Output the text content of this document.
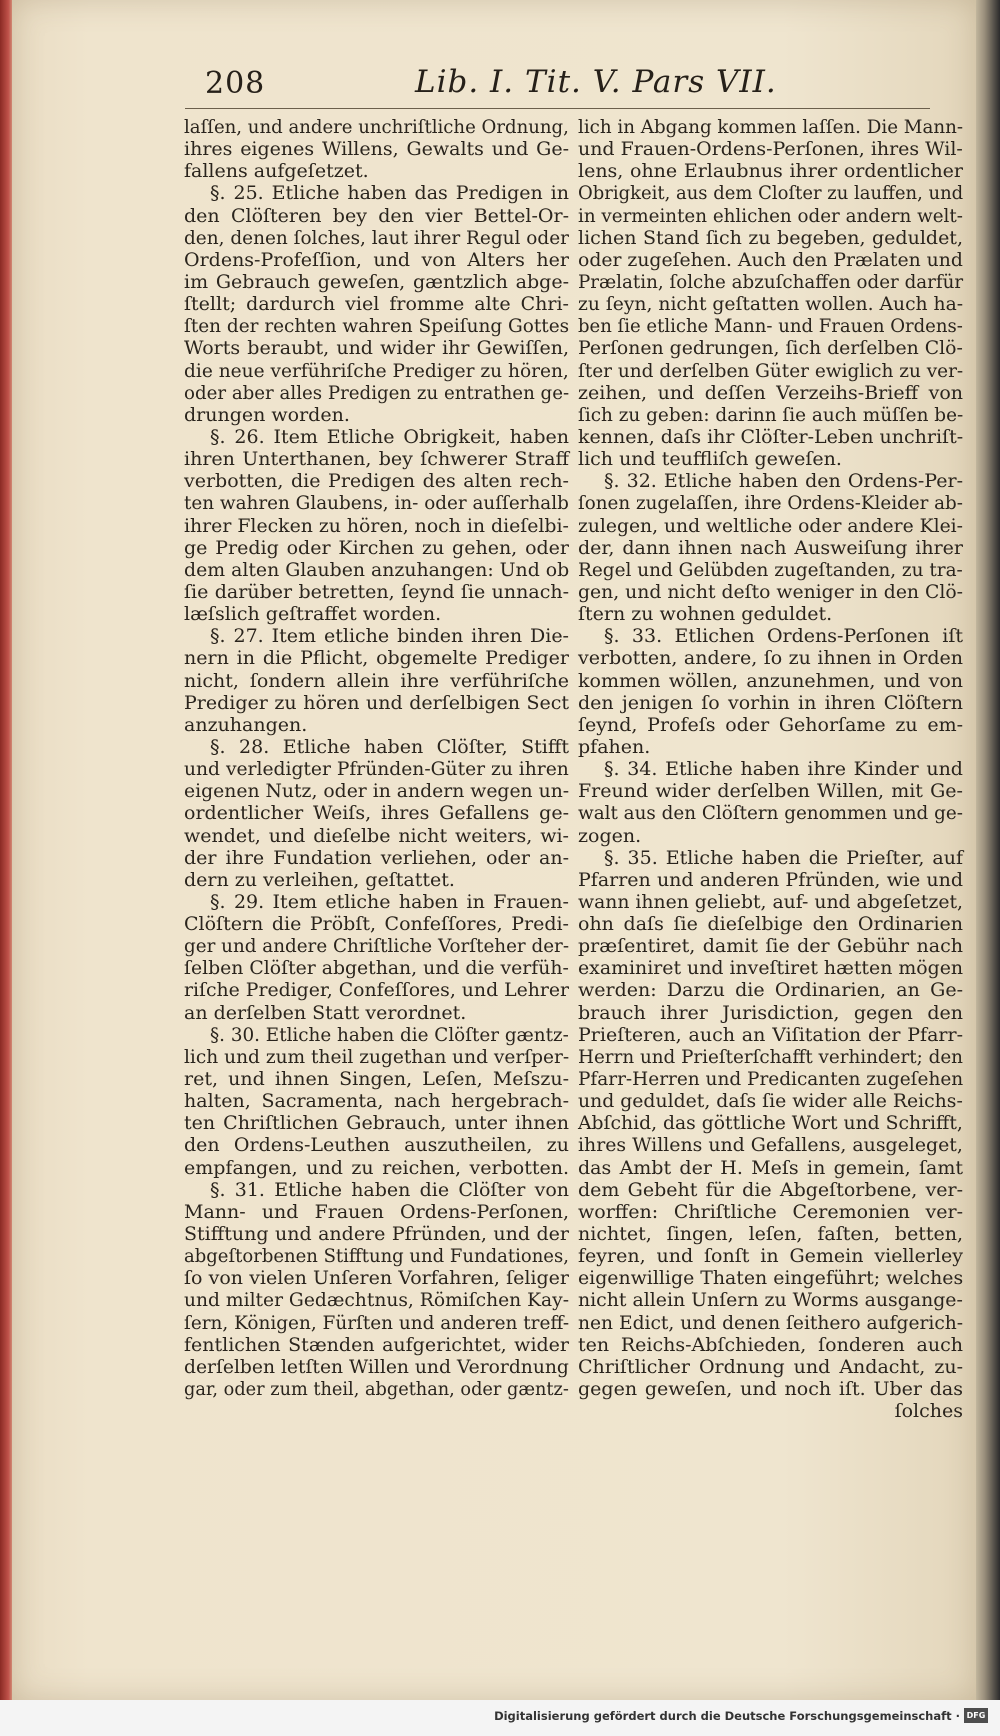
208	Lib. I. Tit. V. Pars VII.
laſſen, und andere unchriſtliche Ordnung,
ihres eigenes Willens, Gewalts und Ge-
fallens aufgeſetzet.
§. 25. Etliche haben das Predigen in
den Clöſteren bey den vier Bettel-Or-
den, denen ſolches, laut ihrer Regul oder
Ordens-Profeſſion, und von Alters her
im Gebrauch geweſen, gæntzlich abge-
ſtellt; dardurch viel fromme alte Chri-
ſten der rechten wahren Speiſung Gottes
Worts beraubt, und wider ihr Gewiſſen,
die neue verführiſche Prediger zu hören,
oder aber alles Predigen zu entrathen ge-
drungen worden.
§. 26. Item Etliche Obrigkeit, haben
ihren Unterthanen, bey ſchwerer Straff
verbotten, die Predigen des alten rech-
ten wahren Glaubens, in- oder auſſerhalb
ihrer Flecken zu hören, noch in dieſelbi-
ge Predig oder Kirchen zu gehen, oder
dem alten Glauben anzuhangen: Und ob
ſie darüber betretten, ſeynd ſie unnach-
læſslich geſtraffet worden.
§. 27. Item etliche binden ihren Die-
nern in die Pflicht, obgemelte Prediger
nicht, ſondern allein ihre verführiſche
Prediger zu hören und derſelbigen Sect
anzuhangen.
§. 28. Etliche haben Clöſter, Stifft
und verledigter Pfründen-Güter zu ihren
eigenen Nutz, oder in andern wegen un-
ordentlicher Weiſs, ihres Gefallens ge-
wendet, und dieſelbe nicht weiters, wi-
der ihre Fundation verliehen, oder an-
dern zu verleihen, geſtattet.
§. 29. Item etliche haben in Frauen-
Clöſtern die Pröbſt, Confeſſores, Predi-
ger und andere Chriſtliche Vorſteher der-
ſelben Clöſter abgethan, und die verfüh-
riſche Prediger, Confeſſores, und Lehrer
an derſelben Statt verordnet.
§. 30. Etliche haben die Clöſter gæntz-
lich und zum theil zugethan und verſper-
ret, und ihnen Singen, Leſen, Meſszu-
halten, Sacramenta, nach hergebrach-
ten Chriſtlichen Gebrauch, unter ihnen
den Ordens-Leuthen auszutheilen, zu
empfangen, und zu reichen, verbotten.
§. 31. Etliche haben die Clöſter von
Mann- und Frauen Ordens-Perſonen,
Stifftung und andere Pfründen, und der
abgeſtorbenen Stifftung und Fundationes,
ſo von vielen Unſeren Vorfahren, ſeliger
und milter Gedæchtnus, Römiſchen Kay-
ſern, Königen, Fürſten und anderen treff-
fentlichen Stænden aufgerichtet, wider
derſelben letſten Willen und Verordnung
gar, oder zum theil, abgethan, oder gæntz-
lich in Abgang kommen laſſen. Die Mann-
und Frauen-Ordens-Perſonen, ihres Wil-
lens, ohne Erlaubnus ihrer ordentlicher
Obrigkeit, aus dem Cloſter zu lauffen, und
in vermeinten ehlichen oder andern welt-
lichen Stand ſich zu begeben, geduldet,
oder zugeſehen. Auch den Prælaten und
Prælatin, ſolche abzuſchaffen oder darfür
zu ſeyn, nicht geſtatten wollen. Auch ha-
ben ſie etliche Mann- und Frauen Ordens-
Perſonen gedrungen, ſich derſelben Clö-
ſter und derſelben Güter ewiglich zu ver-
zeihen, und deſſen Verzeihs-Brieff von
ſich zu geben: darinn ſie auch müſſen be-
kennen, daſs ihr Clöſter-Leben unchriſt-
lich und teuffliſch geweſen.
§. 32. Etliche haben den Ordens-Per-
ſonen zugelaſſen, ihre Ordens-Kleider ab-
zulegen, und weltliche oder andere Klei-
der, dann ihnen nach Ausweiſung ihrer
Regel und Gelübden zugeſtanden, zu tra-
gen, und nicht deſto weniger in den Clö-
ſtern zu wohnen geduldet.
§. 33. Etlichen Ordens-Perſonen iſt
verbotten, andere, ſo zu ihnen in Orden
kommen wöllen, anzunehmen, und von
den jenigen ſo vorhin in ihren Clöſtern
ſeynd, Profeſs oder Gehorſame zu em-
pfahen.
§. 34. Etliche haben ihre Kinder und
Freund wider derſelben Willen, mit Ge-
walt aus den Clöſtern genommen und ge-
zogen.
§. 35. Etliche haben die Prieſter, auf
Pfarren und anderen Pfründen, wie und
wann ihnen geliebt, auf- und abgeſetzet,
ohn daſs ſie dieſelbige den Ordinarien
præſentiret, damit ſie der Gebühr nach
examiniret und inveſtiret hætten mögen
werden: Darzu die Ordinarien, an Ge-
brauch ihrer Jurisdiction, gegen den
Prieſteren, auch an Viſitation der Pfarr-
Herrn und Prieſterſchafft verhindert; den
Pfarr-Herren und Predicanten zugeſehen
und geduldet, daſs ſie wider alle Reichs-
Abſchid, das göttliche Wort und Schrifft,
ihres Willens und Gefallens, ausgeleget,
das Ambt der H. Meſs in gemein, ſamt
dem Gebeht für die Abgeſtorbene, ver-
worffen: Chriſtliche Ceremonien ver-
nichtet, ſingen, leſen, faſten, betten,
feyren, und ſonſt in Gemein viellerley
eigenwillige Thaten eingeführt; welches
nicht allein Unſern zu Worms ausgange-
nen Edict, und denen ſeithero aufgerich-
ten Reichs-Abſchieden, ſonderen auch
Chriſtlicher Ordnung und Andacht, zu-
gegen geweſen, und noch iſt. Uber das
ſolches
Digitalisierung gefördert durch die Deutsche Forschungsgemeinschaft · DFG
